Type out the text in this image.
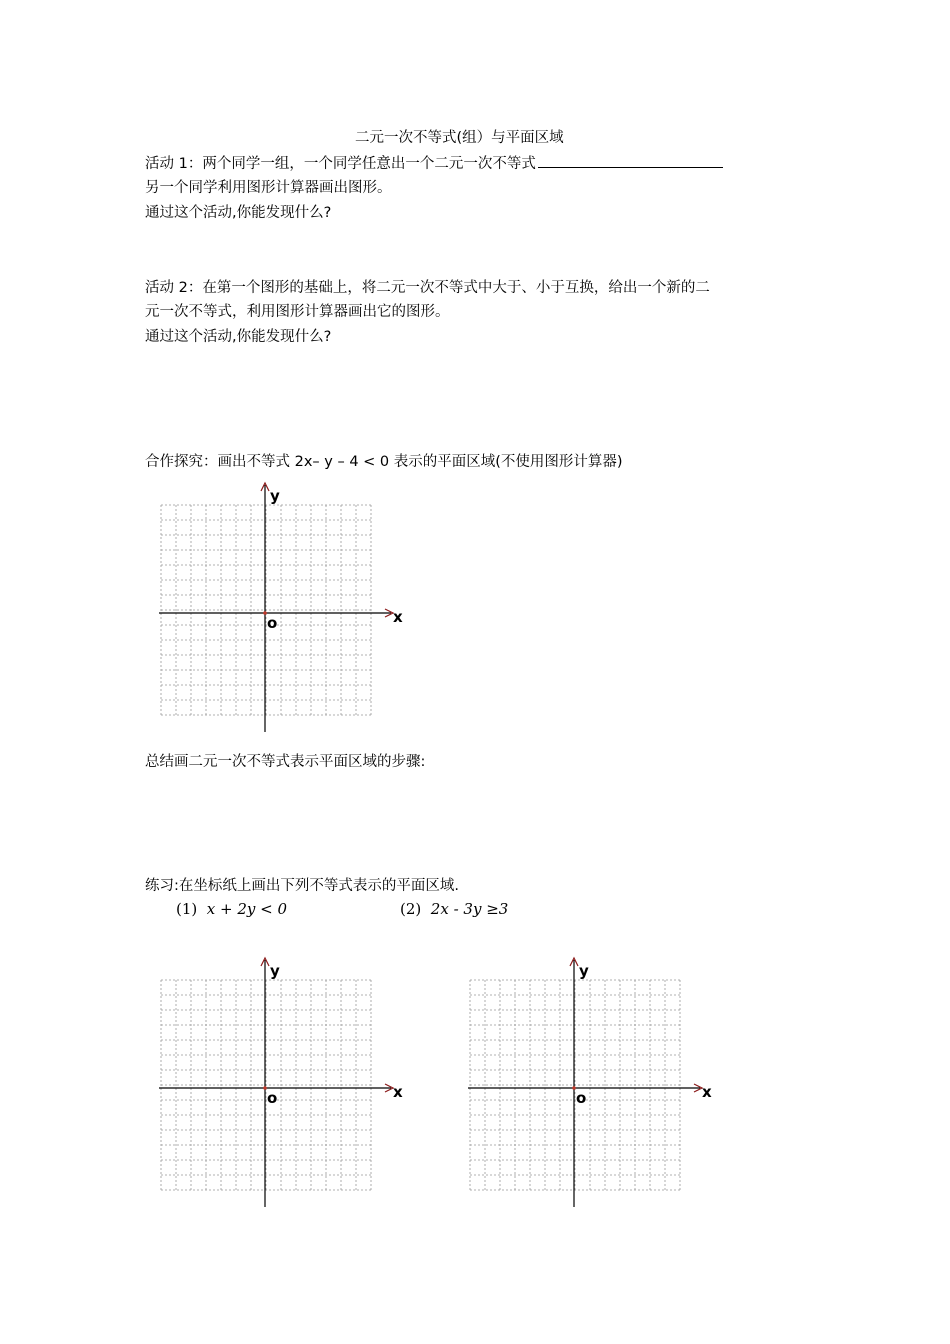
二元一次不等式(组）与平面区域
活动 1：两个同学一组，一个同学任意出一个二元一次不等式
另一个同学利用图形计算器画出图形。
通过这个活动,你能发现什么?
活动 2：在第一个图形的基础上，将二元一次不等式中大于、小于互换，给出一个新的二
元一次不等式，利用图形计算器画出它的图形。
通过这个活动,你能发现什么?
合作探究：画出不等式 2x– y – 4 < 0 表示的平面区域(不使用图形计算器)
x
y
o
总结画二元一次不等式表示平面区域的步骤:
练习:在坐标纸上画出下列不等式表示的平面区域.
(1) x + 2y < 0	(2) 2x - 3y ≥3
x
y
o	x
y
o
